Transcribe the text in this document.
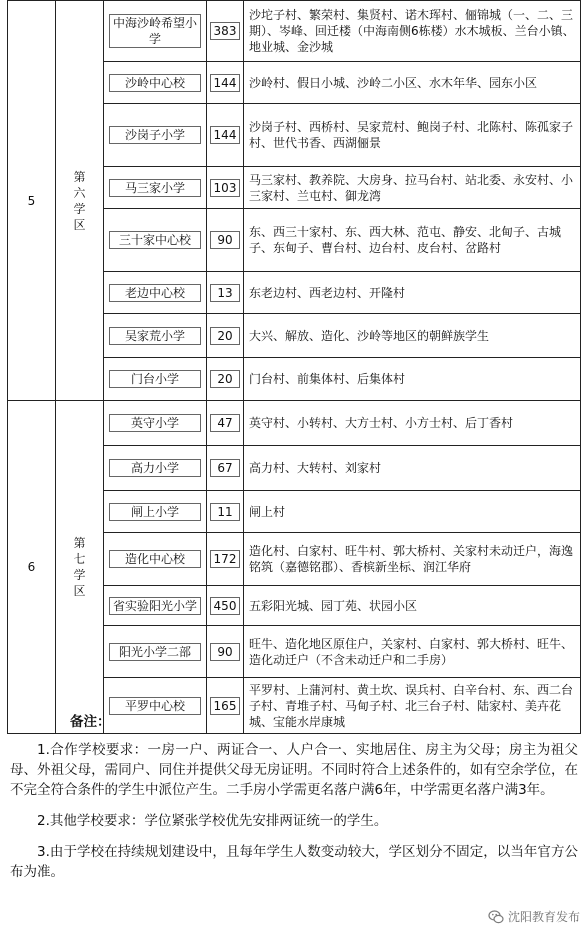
5	第六学区	中海沙岭希望小学	383	沙坨子村、繁荣村、集贤村、诺木珲村、俪锦城（一、二、三期）、岑峰、回迁楼（中海南侧6栋楼）水木城板、兰台小镇、地业城、金沙城

沙岭中心校	144	沙岭村、假日小城、沙岭二小区、水木年华、园东小区

沙岗子小学	144	沙岗子村、西桥村、吴家荒村、鲍岗子村、北陈村、陈孤家子村、世代书香、西湖俪景

马三家小学	103	马三家村、教养院、大房身、拉马台村、站北委、永安村、小三家村、兰屯村、御龙湾

三十家中心校	90	东、西三十家村、东、西大林、范屯、静安、北甸子、古城子、东甸子、曹台村、边台村、皮台村、岔路村

老边中心校	13	东老边村、西老边村、开隆村

吴家荒小学	20	大兴、解放、造化、沙岭等地区的朝鲜族学生

门台小学	20	门台村、前集体村、后集体村

6	第七学区	英守小学	47	英守村、小转村、大方士村、小方士村、后丁香村

高力小学	67	高力村、大转村、刘家村

闸上小学	11	闸上村

造化中心校	172	造化村、白家村、旺牛村、郭大桥村、关家村未动迁户，海逸铭筑（嘉德铭郡）、香槟新坐标、润江华府

省实验阳光小学	450	五彩阳光城、园丁苑、状园小区

阳光小学二部	90	旺牛、造化地区原住户，关家村、白家村、郭大桥村、旺牛、造化动迁户（不含未动迁户和二手房）

平罗中心校	165	平罗村、上蒲河村、黄土坎、误兵村、白辛台村、东、西二台子村、青堆子村、马甸子村、北三台子村、陆家村、美卉花城、宝能水岸康城

备注：

1.合作学校要求：一房一户、两证合一、人户合一、实地居住、房主为父母；房主为祖父母、外祖父母，需同户、同住并提供父母无房证明。不同时符合上述条件的，如有空余学位，在不完全符合条件的学生中派位产生。二手房小学需更名落户满6年，中学需更名落户满3年。

2.其他学校要求：学位紧张学校优先安排两证统一的学生。

3.由于学校在持续规划建设中，且每年学生人数变动较大，学区划分不固定，以当年官方公布为准。

沈阳教育发布
